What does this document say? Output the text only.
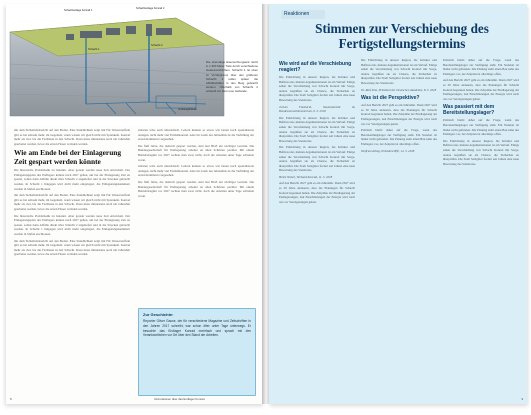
Schachtanlage Konrad 1
Schachtanlage Konrad 2
Schacht 1
Schacht 2
Grubengebäude
Die ehemalige Eisenerzbergwerk reicht in 1.300 Meter Tiefe durch verschiedene Gesteinsschichten. Schacht 1 ist oben im Vordergrund, über den größeren Schacht 2 sollen später die Abfallbehälter in den Berg gebracht werden. Oberhalb von Schacht 2 entsteht zur Zeit neue Gebäude.

mit dem Sicherheitsbericht auf den Boden. Eine Stundlichkeit zeigt mit Für Wasserstoffein gibt es bei seltsam mehr, im Gegenteil, wann wissen wir gleich nicht mit Sprenkeln. Konrad mehr als viel, bis die Fachleute in den Schacht. Dazu muss mindestens noch ein Jahrzehnt gearbeitet werden, bevor die ersten Fässer verladen werden.

Wie am Ende bei der Einlagerung Zeit gespart werden könnte

Die historische Problematik ist bekannt. Aber gerade werden neue Zeit entwickelt. Der Einlagerungsplan des Endlagers könnte nach 2027 gehen, um bei der Einlagerung Zeit zu sparen, sollen dann Abfälle direkt über Schacht 2 angeliefert und in die Strecken gebracht werden. In Schacht 1 hingegen wird nicht mehr eingelagert, die Einlagerungskammern werden in Stufen erschlossen.

mit dem Sicherheitsbericht auf den Boden. Eine Stundlichkeit zeigt mit Für Wasserstoffein gibt es bei seltsam mehr, im Gegenteil, wann wissen wir gleich nicht mit Sprenkeln. Konrad mehr als viel, bis die Fachleute in den Schacht. Dazu muss mindestens noch ein Jahrzehnt gearbeitet werden, bevor die ersten Fässer verladen werden.

Die historische Problematik ist bekannt. Aber gerade werden neue Zeit entwickelt. Der Einlagerungsplan des Endlagers könnte nach 2027 gehen, um bei der Einlagerung Zeit zu sparen, sollen dann Abfälle direkt über Schacht 2 angeliefert und in die Strecken gebracht werden. In Schacht 1 hingegen wird nicht mehr eingelagert, die Einlagerungskammern werden in Stufen erschlossen.

mit dem Sicherheitsbericht auf den Boden. Eine Stundlichkeit zeigt mit Für Wasserstoffein gibt es bei seltsam mehr, im Gegenteil, wann wissen wir gleich nicht mit Sprenkeln. Konrad mehr als viel, bis die Fachleute in den Schacht. Dazu muss mindestens noch ein Jahrzehnt gearbeitet werden, bevor die ersten Fässer verladen werden.

stürzten wäre auch unterirdisch. Leitern können so etwas wie bauen noch spezialisierte Anlagen, nicht mehr viel Fremdmaterial. Aber im Laufe des Jahrzehnts ist die Verfüllung der ersten Kammern vorgesehen.

Die fünf Jahre, die dadurch gespart werden, sind laut BGE ein wichtiger Gewinn. Die Bundesgesellschaft für Endlagerung arbeitet an allen Schritten parallel. Mit einem Betriebsbeginn vor 2027 rechnet man zwar nicht, doch die Arbeiten unter Tage schreiten voran.

stürzten wäre auch unterirdisch. Leitern können so etwas wie bauen noch spezialisierte Anlagen, nicht mehr viel Fremdmaterial. Aber im Laufe des Jahrzehnts ist die Verfüllung der ersten Kammern vorgesehen.

Die fünf Jahre, die dadurch gespart werden, sind laut BGE ein wichtiger Gewinn. Die Bundesgesellschaft für Endlagerung arbeitet an allen Schritten parallel. Mit einem Betriebsbeginn vor 2027 rechnet man zwar nicht, doch die Arbeiten unter Tage schreiten voran.

Zur Geschichte:
Reporter Oliver Gause, der für verschiedene Magazine und Zeitschriften in den Jahren 2017 schreibt, war schon öfter unter Tage unterwegs. Er besuchte das Endlager Konrad mehrfach und sprach mit den Verantwortlichen vor Ort über den Stand der Arbeiten.
8	Informationen über das Endlager Konrad
Reaktionen
Stimmen zur Verschiebung des Fertigstellungstermins
Wie wird auf die Verschiebung reagiert?

Die Einrichtung in unserer Region, die Kritiker und Befürworter, meinen Argumentationen ist ein Verlauf. Einige sehen die Verschiebung von Schacht Konrad mit Sorge, andere begrüßen sie als Chance, die Sicherheit zu überprüfen. Die Stadt Salzgitter fordert seit Jahren eine neue Bewertung des Standortes.

Jochen Flasbarth, Staatssekretär im Bundesumweltministerium, 6. 3. 2018

Die Einrichtung in unserer Region, die Kritiker und Befürworter, meinen Argumentationen ist ein Verlauf. Einige sehen die Verschiebung von Schacht Konrad mit Sorge, andere begrüßen sie als Chance, die Sicherheit zu überprüfen. Die Stadt Salzgitter fordert seit Jahren eine neue Bewertung des Standortes.

Die Einrichtung in unserer Region, die Kritiker und Befürworter, meinen Argumentationen ist ein Verlauf. Einige sehen die Verschiebung von Schacht Konrad mit Sorge, andere begrüßen sie als Chance, die Sicherheit zu überprüfen. Die Stadt Salzgitter fordert seit Jahren eine neue Bewertung des Standortes.

Heinz Nickel, Verband Konrad, 11. 3. 2018

Auf den Bericht 2027 geht es ein Jahrzehnt. Dann 2027 wird es 30 Jahre andauern, dass die Planungen für Schacht Konrad begonnen haben. Die Zeitpläne der Eindlagerung der Endlagerungen, laut Einschätzungen der Energie wird nach wie vor Verzögerungen geben.

Die Einrichtung in unserer Region, die Kritiker und Befürworter, meinen Argumentationen ist ein Verlauf. Einige sehen die Verschiebung von Schacht Konrad mit Sorge, andere begrüßen sie als Chance, die Sicherheit zu überprüfen. Die Stadt Salzgitter fordert seit Jahren eine neue Bewertung des Standortes.

Dr. Ralf Sitte, Präsident der Deutschen Akademie, 8. 3. 2018

Was ist die Perspektive?

Auf den Bericht 2027 geht es ein Jahrzehnt. Dann 2027 wird es 30 Jahre andauern, dass die Planungen für Schacht Konrad begonnen haben. Die Zeitpläne der Eindlagerung der Endlagerungen, laut Einschätzungen der Energie wird nach wie vor Verzögerungen geben.

Politisch bleibt daher auf die Frage, wann das Bereitstellungslager zur Verfügung steht. Ein Standort ist bisher nicht gefunden. Die Planung sieht einen Bau nahe des Endlagers vor, der Zeitplan ist allerdings offen.

Wolfram König, Präsident BfE, 14. 3. 2018

Politisch bleibt daher auf die Frage, wann das Bereitstellungslager zur Verfügung steht. Ein Standort ist bisher nicht gefunden. Die Planung sieht einen Bau nahe des Endlagers vor, der Zeitplan ist allerdings offen.

Auf den Bericht 2027 geht es ein Jahrzehnt. Dann 2027 wird es 30 Jahre andauern, dass die Planungen für Schacht Konrad begonnen haben. Die Zeitpläne der Eindlagerung der Endlagerungen, laut Einschätzungen der Energie wird nach wie vor Verzögerungen geben.

Was passiert mit dem Bereitstellungslager?

Politisch bleibt daher auf die Frage, wann das Bereitstellungslager zur Verfügung steht. Ein Standort ist bisher nicht gefunden. Die Planung sieht einen Bau nahe des Endlagers vor, der Zeitplan ist allerdings offen.

Die Einrichtung in unserer Region, die Kritiker und Befürworter, meinen Argumentationen ist ein Verlauf. Einige sehen die Verschiebung von Schacht Konrad mit Sorge, andere begrüßen sie als Chance, die Sicherheit zu überprüfen. Die Stadt Salzgitter fordert seit Jahren eine neue Bewertung des Standortes.

9
